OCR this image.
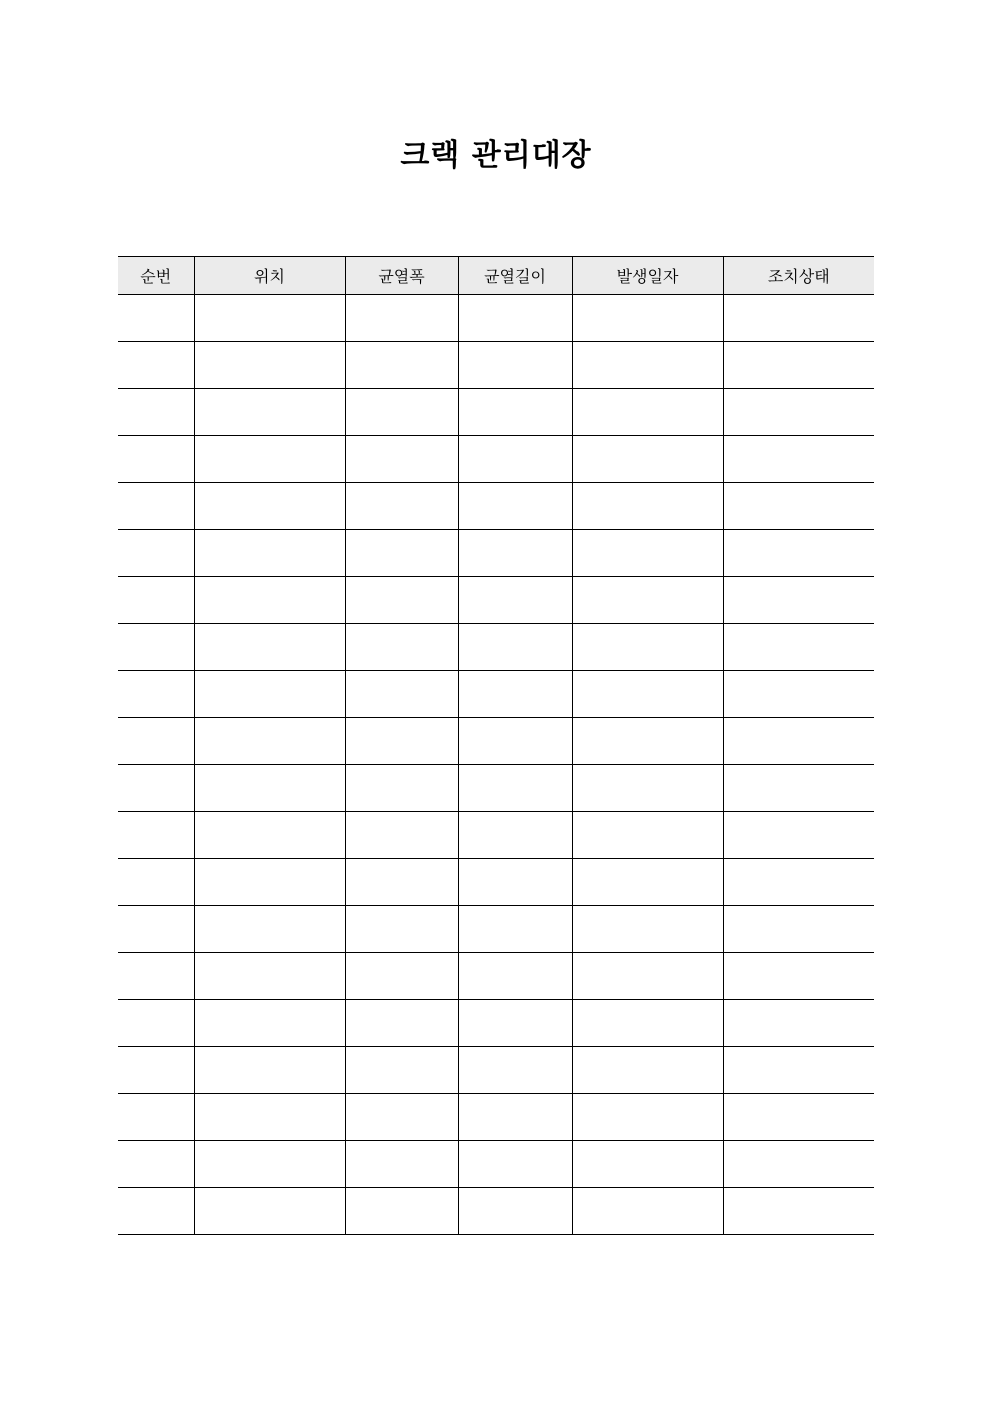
크랙 관리대장
순번	위치	균열폭	균열길이	발생일자	조치상태
